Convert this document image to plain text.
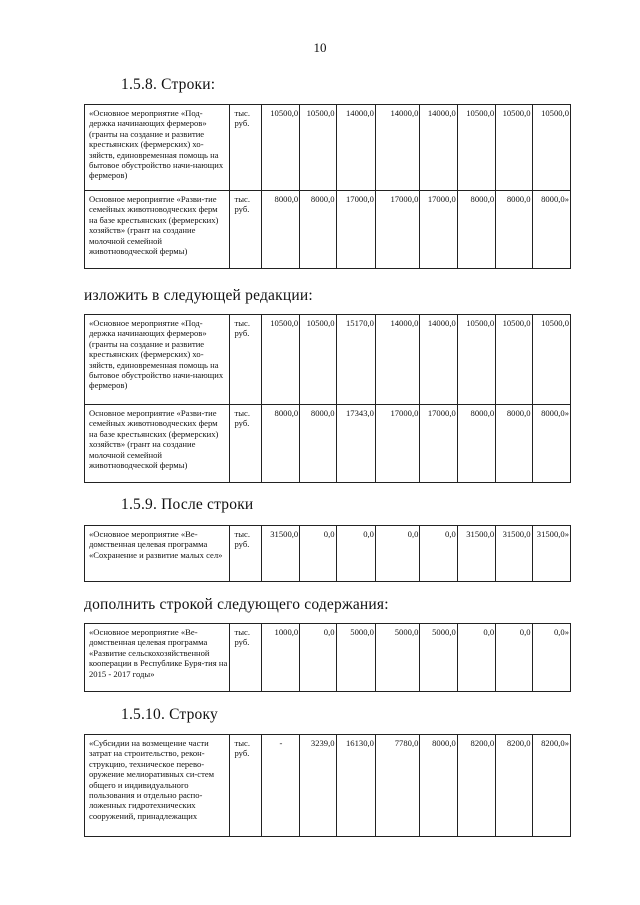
10
1.5.8. Строки:
«Основное мероприятие «Под-держка начинающих фермеров» (гранты на создание и развитие крестьянских (фермерских) хо-зяйств, единовременная помощь на бытовое обустройство начи-нающих фермеров)	тыс. руб.	10500,0	10500,0	14000,0	14000,0	14000,0	10500,0	10500,0	10500,0
Основное мероприятие «Разви-тие семейных животноводческих ферм на базе крестьянских (фермерских) хозяйств» (грант на создание молочной семейной животноводческой фермы)	тыс. руб.	8000,0	8000,0	17000,0	17000,0	17000,0	8000,0	8000,0	8000,0»
изложить в следующей редакции:
«Основное мероприятие «Под-держка начинающих фермеров» (гранты на создание и развитие крестьянских (фермерских) хо-зяйств, единовременная помощь на бытовое обустройство начи-нающих фермеров)	тыс. руб.	10500,0	10500,0	15170,0	14000,0	14000,0	10500,0	10500,0	10500,0
Основное мероприятие «Разви-тие семейных животноводческих ферм на базе крестьянских (фермерских) хозяйств» (грант на создание молочной семейной животноводческой фермы)	тыс. руб.	8000,0	8000,0	17343,0	17000,0	17000,0	8000,0	8000,0	8000,0»
1.5.9. После строки
«Основное мероприятие «Ве-домственная целевая программа «Сохранение и развитие малых сел»	тыс. руб.	31500,0	0,0	0,0	0,0	0,0	31500,0	31500,0	31500,0»
дополнить строкой следующего содержания:
«Основное мероприятие «Ве-домственная целевая программа «Развитие сельскохозяйственной кооперации в Республике Буря-тия на 2015 - 2017 годы»	тыс. руб.	1000,0	0,0	5000,0	5000,0	5000,0	0,0	0,0	0,0»
1.5.10. Строку
«Субсидии на возмещение части затрат на строительство, рекон-струкцию, техническое перево-оружение мелиоративных си-стем общего и индивидуального пользования и отдельно распо-ложенных гидротехнических сооружений, принадлежащих	тыс. руб.	-	3239,0	16130,0	7780,0	8000,0	8200,0	8200,0	8200,0»
